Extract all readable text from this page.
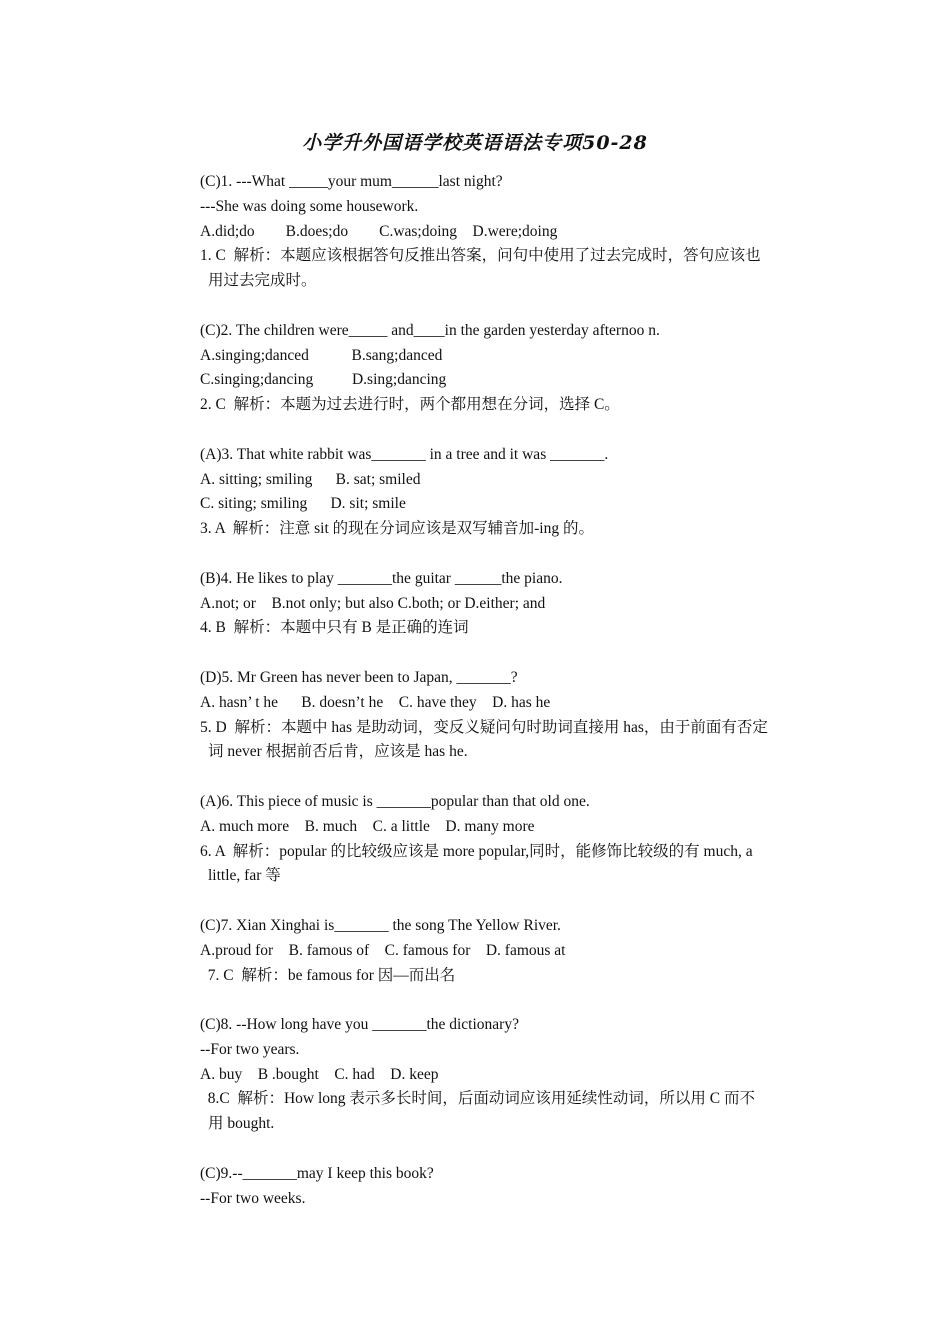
小学升外国语学校英语语法专项50-28
(C)1. ---What _____your mum______last night?
---She was doing some housework.
A.did;do        B.does;do        C.was;doing    D.were;doing
1. C  解析：本题应该根据答句反推出答案，问句中使用了过去完成时，答句应该也
用过去完成时。
(C)2. The children were_____ and____in the garden yesterday afternoo n.
A.singing;danced           B.sang;danced
C.singing;dancing          D.sing;dancing
2. C  解析：本题为过去进行时，两个都用想在分词，选择 C。
(A)3. That white rabbit was_______ in a tree and it was _______.
A. sitting; smiling      B. sat; smiled
C. siting; smiling      D. sit; smile
3. A  解析：注意 sit 的现在分词应该是双写辅音加-ing 的。
(B)4. He likes to play _______the guitar ______the piano.
A.not; or    B.not only; but also C.both; or D.either; and
4. B  解析：本题中只有 B 是正确的连词
(D)5. Mr Green has never been to Japan, _______?
A. hasn’ t he      B. doesn’t he    C. have they    D. has he
5. D  解析：本题中 has 是助动词，变反义疑问句时助词直接用 has，由于前面有否定
词 never 根据前否后肯，应该是 has he.
(A)6. This piece of music is _______popular than that old one.
A. much more    B. much    C. a little    D. many more
6. A  解析：popular 的比较级应该是 more popular,同时，能修饰比较级的有 much, a
little, far 等
(C)7. Xian Xinghai is_______ the song The Yellow River.
A.proud for    B. famous of    C. famous for    D. famous at
7. C  解析：be famous for 因—而出名
(C)8. --How long have you _______the dictionary?
--For two years.
A. buy    B .bought    C. had    D. keep
8.C  解析：How long 表示多长时间，后面动词应该用延续性动词，所以用 C 而不
用 bought.
(C)9.--_______may I keep this book?
--For two weeks.
